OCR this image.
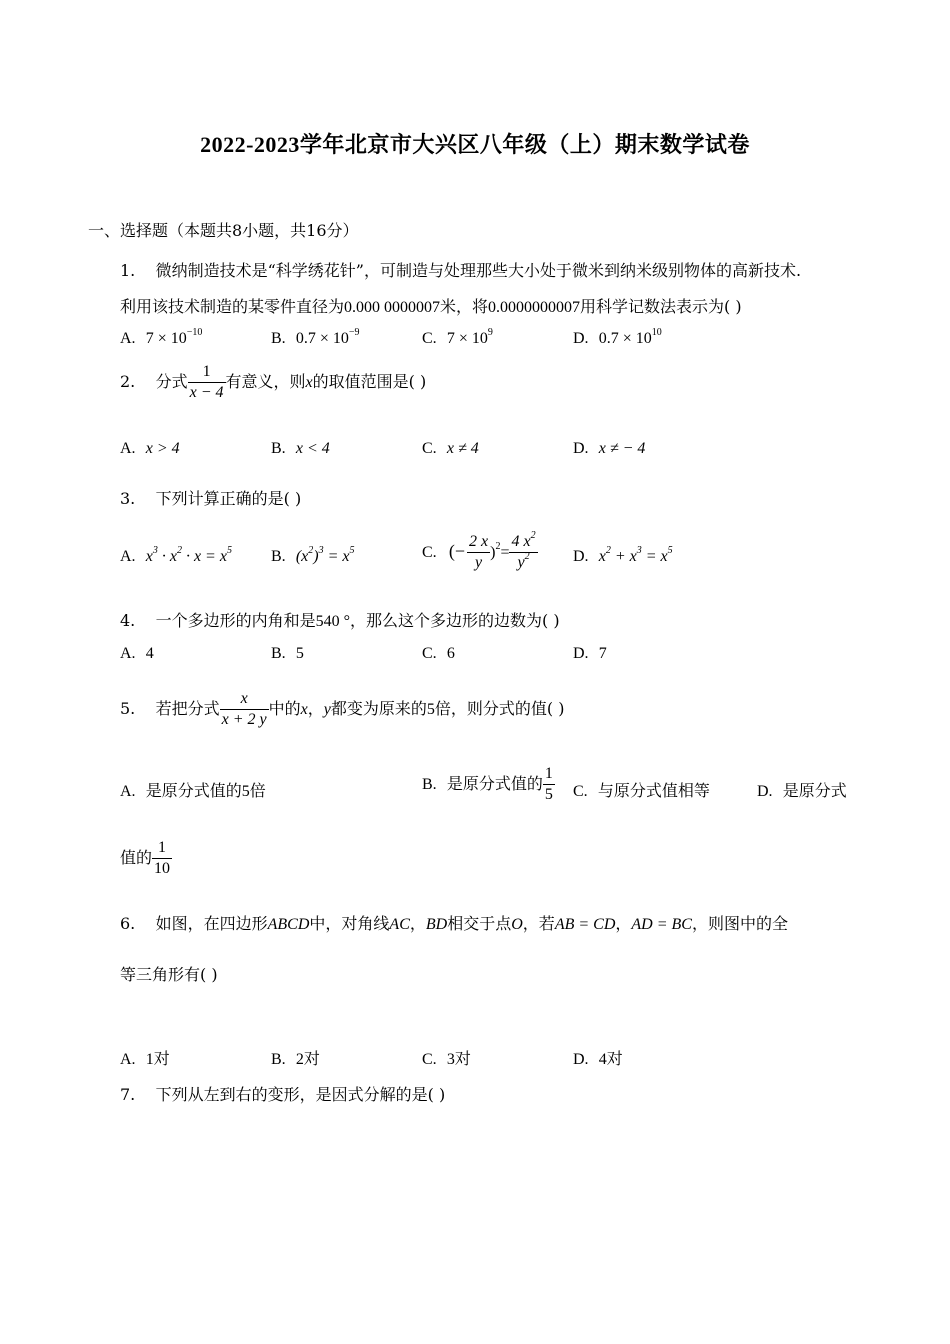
2022-2023学年北京市大兴区八年级（上）期末数学试卷
一、选择题（本题共8小题，共16分）
1. 微纳制造技术是“科学绣花针”，可制造与处理那些大小处于微米到纳米级别物体的高新技术.
利用该技术制造的某零件直径为0.000 0000007米，将0.0000000007用科学记数法表示为( )
A. $7 \times 10^{-10}$	B. $0.7 \times 10^{-9}$	C. $7 \times 10^9$	D. $0.7 \times 10^{10}$
2. 分式 $\frac{1}{x - 4}$ 有意义，则x的取值范围是( )
A. x > 4	B. x < 4	C. x ≠ 4	D. x ≠ − 4
3. 下列计算正确的是( )
A. $x^3 \cdot x^2 \cdot x = x^5$ B. $(x^2)^3 = x^5$	C. (− $\frac{2 x}{y} )^2= \frac{4 x^2}{y^2} D$. $x^2 + x^3 = x^5$
4. 一个多边形的内角和是540 °，那么这个多边形的边数为( )
A. 4	B. 5	C. 6	D. 7
5. 若把分式 $\frac{x}{x + 2 y}$ 中的x，y都变为原来的5倍，则分式的值( )
A. 是原分式值的5倍	B. 是原分式值的 $\frac{1}{5} C$. 与原分式值相等	D. 是原分式
值的 $\frac{1}{10}$
6. 如图，在四边形ABCD中，对角线AC，BD相交于点O，若AB = CD，AD = BC，则图中的全
等三角形有( )
A. 1对	B. 2对	C. 3对	D. 4对
7. 下列从左到右的变形，是因式分解的是( )
